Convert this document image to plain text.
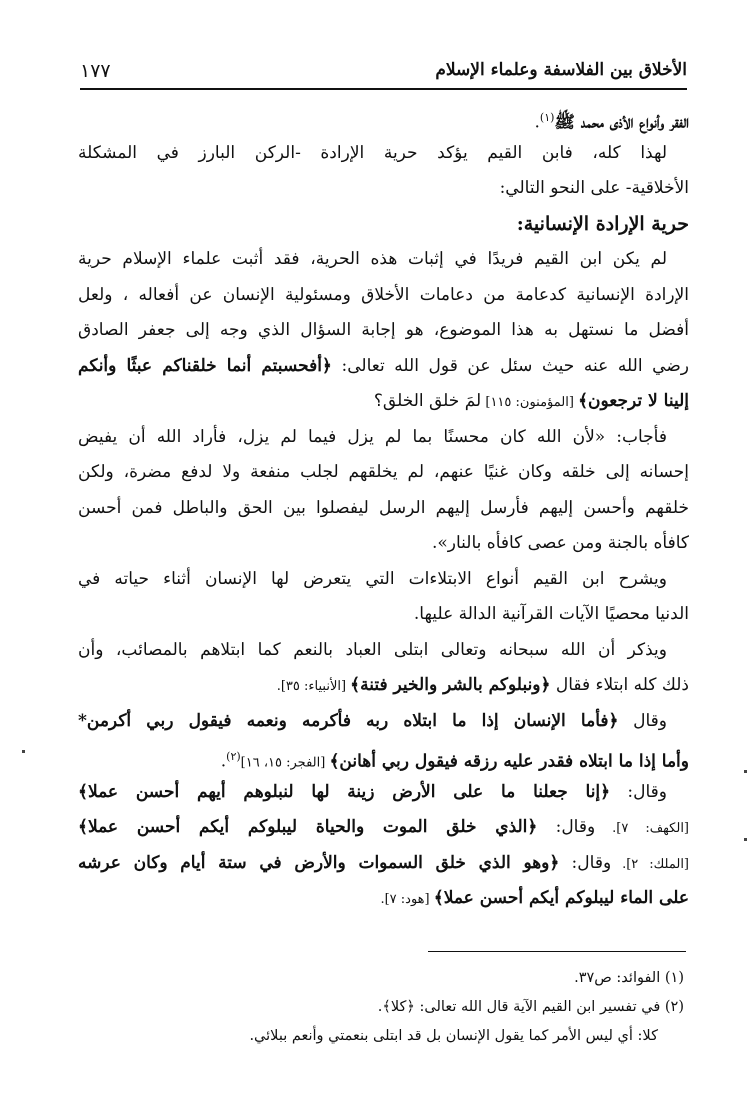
الأخلاق بين الفلاسفة وعلماء الإسلام
١٧٧
الفقر وأنواع الأذى محمد ﷺ$^{(١)}$.
لهذا كله، فابن القيم يؤكد حرية الإرادة -الركن البارز في المشكلة
الأخلاقية- على النحو التالي:
حرية الإرادة الإنسانية:
لم يكن ابن القيم فريدًا في إثبات هذه الحرية، فقد أثبت علماء الإسلام حرية
الإرادة الإنسانية كدعامة من دعامات الأخلاق ومسئولية الإنسان عن أفعاله ، ولعل
أفضل ما نستهل به هذا الموضوع، هو إجابة السؤال الذي وجه إلى جعفر الصادق
رضي الله عنه حيث سئل عن قول الله تعالى: ﴿أفحسبتم أنما خلقناكم عبثًا وأنكم
إلينا لا ترجعون﴾ [المؤمنون: ١١٥] لمَ خلق الخلق؟
فأجاب: «لأن الله كان محسنًا بما لم يزل فيما لم يزل، فأراد الله أن يفيض
إحسانه إلى خلقه وكان غنيًا عنهم، لم يخلقهم لجلب منفعة ولا لدفع مضرة، ولكن
خلقهم وأحسن إليهم فأرسل إليهم الرسل ليفصلوا بين الحق والباطل فمن أحسن
كافأه بالجنة ومن عصى كافأه بالنار».
ويشرح ابن القيم أنواع الابتلاءات التي يتعرض لها الإنسان أثناء حياته في
الدنيا محصيًا الآيات القرآنية الدالة عليها.
ويذكر أن الله سبحانه وتعالى ابتلى العباد بالنعم كما ابتلاهم بالمصائب، وأن
ذلك كله ابتلاء فقال ﴿ونبلوكم بالشر والخير فتنة﴾ [الأنبياء: ٣٥].
وقال ﴿فأما الإنسان إذا ما ابتلاه ربه فأكرمه ونعمه فيقول ربي أكرمن*
وأما إذا ما ابتلاه فقدر عليه رزقه فيقول ربي أهانن﴾ [الفجر: ١٥، ١٦]$^{(٢)}$.
وقال: ﴿إنا جعلنا ما على الأرض زينة لها لنبلوهم أيهم أحسن عملا﴾
[الكهف: ٧]. وقال: ﴿الذي خلق الموت والحياة ليبلوكم أيكم أحسن عملا﴾
[الملك: ٢]. وقال: ﴿وهو الذي خلق السموات والأرض في ستة أيام وكان عرشه
على الماء ليبلوكم أيكم أحسن عملا﴾ [هود: ٧].
(١) الفوائد: ص٣٧.
(٢) في تفسير ابن القيم الآية قال الله تعالى: ﴿كلا﴾.
كلا: أي ليس الأمر كما يقول الإنسان بل قد ابتلى بنعمتي وأنعم ببلائي.
